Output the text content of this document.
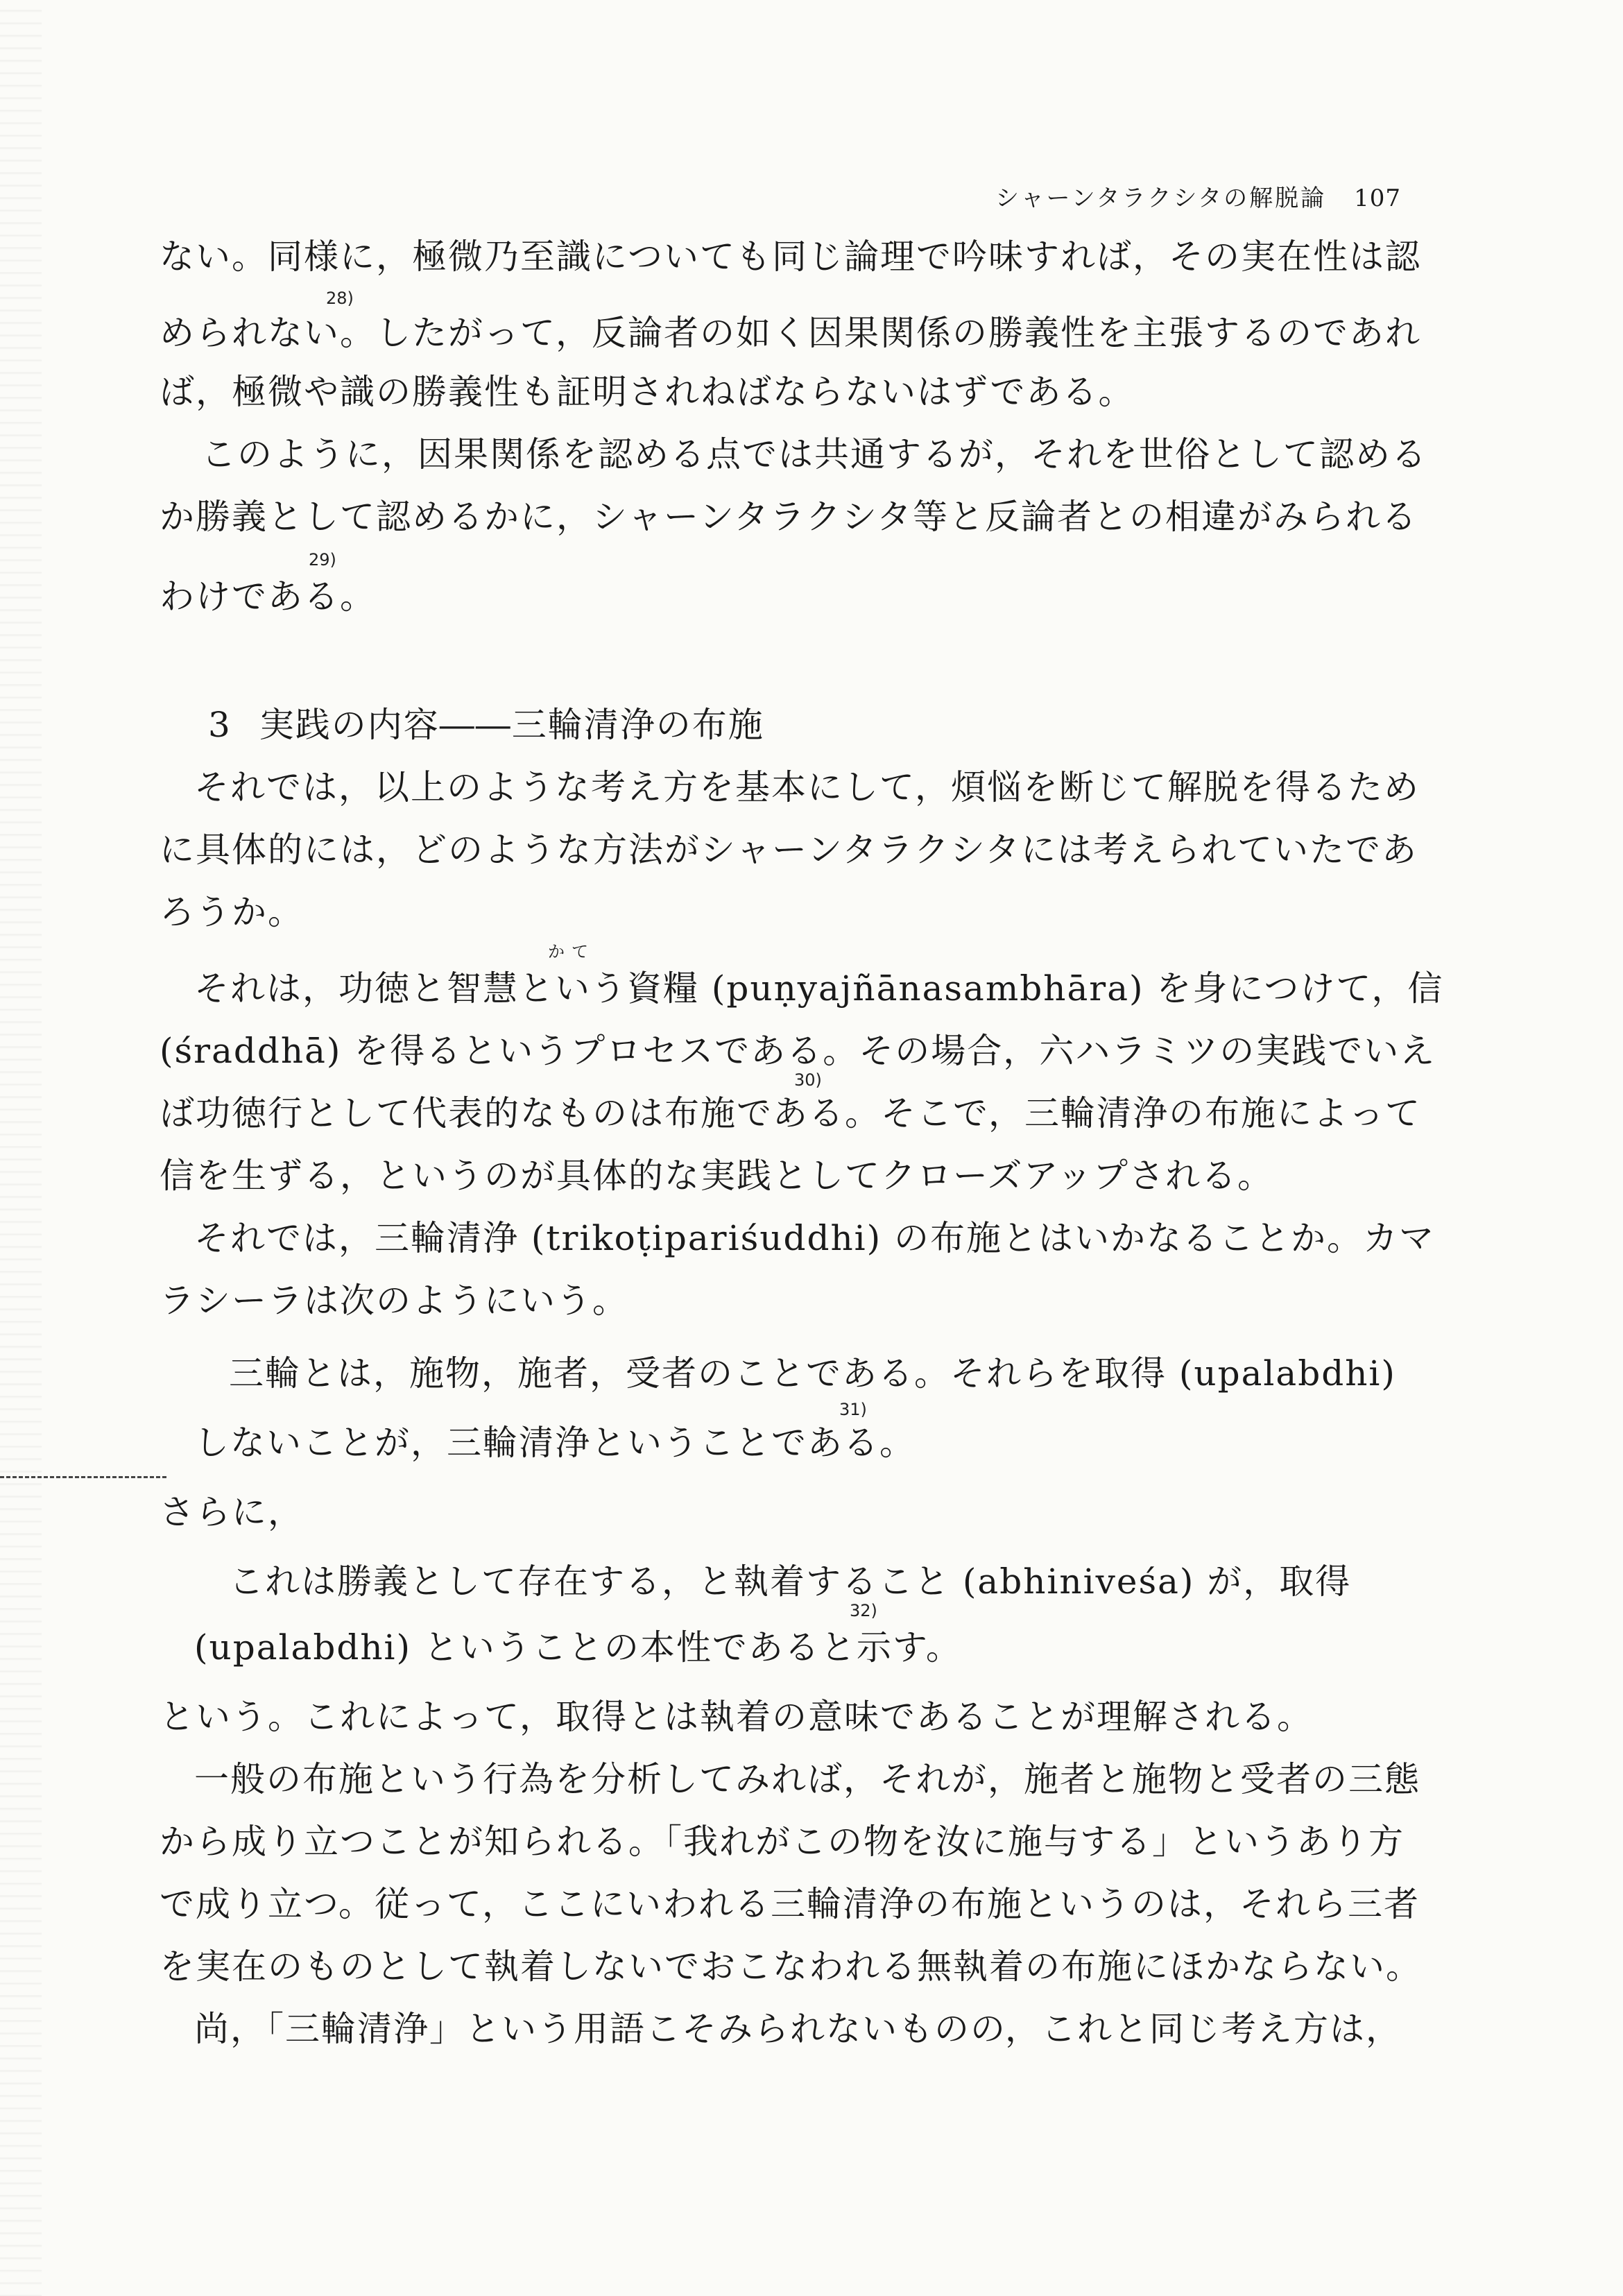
シャーンタラクシタの解脱論 107
ない。同様に，極微乃至識についても同じ論理で吟味すれば，その実在性は認
28)
められない。したがって，反論者の如く因果関係の勝義性を主張するのであれ
ば，極微や識の勝義性も証明されねばならないはずである。
このように，因果関係を認める点では共通するが，それを世俗として認める
か勝義として認めるかに，シャーンタラクシタ等と反論者との相違がみられる
29)
わけである。
3 実践の内容――三輪清浄の布施
それでは，以上のような考え方を基本にして，煩悩を断じて解脱を得るため
に具体的には，どのような方法がシャーンタラクシタには考えられていたであ
ろうか。
かて
それは，功徳と智慧という資糧 (puṇyajñānasambhāra) を身につけて，信
(śraddhā) を得るというプロセスである。その場合，六ハラミツの実践でいえ
30)
ば功徳行として代表的なものは布施である。そこで，三輪清浄の布施によって
信を生ずる，というのが具体的な実践としてクローズアップされる。
それでは，三輪清浄 (trikoṭipariśuddhi) の布施とはいかなることか。カマ
ラシーラは次のようにいう。
三輪とは，施物，施者，受者のことである。それらを取得 (upalabdhi)
31)
しないことが，三輪清浄ということである。
さらに，
これは勝義として存在する，と執着すること (abhiniveśa) が，取得
32)
(upalabdhi) ということの本性であると示す。
という。これによって，取得とは執着の意味であることが理解される。
一般の布施という行為を分析してみれば，それが，施者と施物と受者の三態
から成り立つことが知られる。「我れがこの物を汝に施与する」というあり方
で成り立つ。従って，ここにいわれる三輪清浄の布施というのは，それら三者
を実在のものとして執着しないでおこなわれる無執着の布施にほかならない。
尚，「三輪清浄」という用語こそみられないものの，これと同じ考え方は，
